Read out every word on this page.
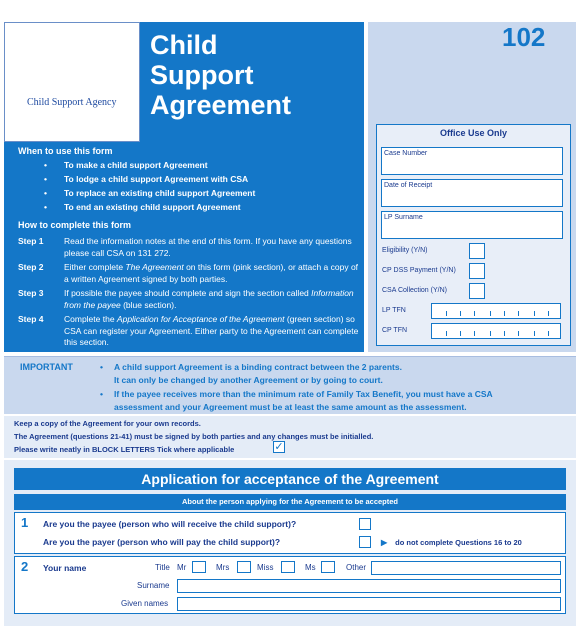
Child Support Agency
Child
Support
Agreement
102
Office Use Only
Case Number
Date of Receipt
LP Surname
Eligibility (Y/N)
CP DSS Payment (Y/N)
CSA Collection (Y/N)
LP TFN
CP TFN
When to use this form
• To make a child support Agreement
• To lodge a child support Agreement with CSA
• To replace an existing child support Agreement
• To end an existing child support Agreement
How to complete this form
Step 1 Read the information notes at the end of this form. If you have any questions please call CSA on 131 272.
Step 2 Either complete The Agreement on this form (pink section), or attach a copy of a written Agreement signed by both parties.
Step 3 If possible the payee should complete and sign the section called Information from the payee (blue section).
Step 4 Complete the Application for Acceptance of the Agreement (green section) so CSA can register your Agreement. Either party to the Agreement can complete this section.
IMPORTANT	• A child support Agreement is a binding contract between the 2 parents.
It can only be changed by another Agreement or by going to court.
• If the payee receives more than the minimum rate of Family Tax Benefit, you must have a CSA
assessment and your Agreement must be at least the same amount as the assessment.
Keep a copy of the Agreement for your own records.
The Agreement (questions 21-41) must be signed by both parties and any changes must be initialled.
Please write neatly in BLOCK LETTERS Tick where applicable	✓
Application for acceptance of the Agreement
About the person applying for the Agreement to be accepted
1 Are you the payee (person who will receive the child support)?
Are you the payer (person who will pay the child support)?	▶ do not complete Questions 16 to 20
2 Your name	Title Mr	Mrs	Miss	Ms	Other
Surname
Given names
